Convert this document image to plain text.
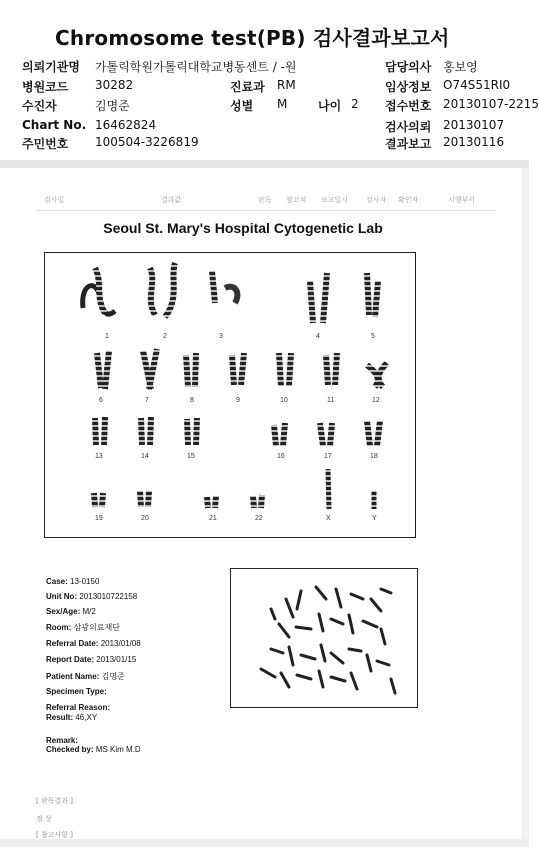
Chromosome test(PB) 검사결과보고서
의뢰기관명 가톨릭학원가톨릭대학교병동센트 / -원	담당의사 홍보영
병원코드 30282	진료과 RM	임상정보 O74S51RI0
수진자	김명준	성별 M	나이 2 접수번호 20130107-2215
Chart No. 16462824	검사의뢰 20130107
주민번호 100504-3226819	결과보고 20130116
검사일	결과값	판독 참고치 보고일시	검사자 확인자	시행부서
Seoul St. Mary's Hospital Cytogenetic Lab
1	2	3	4	5
6	7	8	9	10	11	12
13	14	15	16	17	18
19	20	21	22	X	Y
Case: 13-0150
Unit No: 2013010722158
Sex/Age: M/2
Room: 삼광의료재단
Referral Date: 2013/01/08
Report Date: 2013/01/15
Patient Name: 김명준
Specimen Type:
Referral Reason:
Result: 46,XY
Remark:
Checked by: MS Kim M.D
[ 판독결과 ]
정 상
[ 참고사항 ]
